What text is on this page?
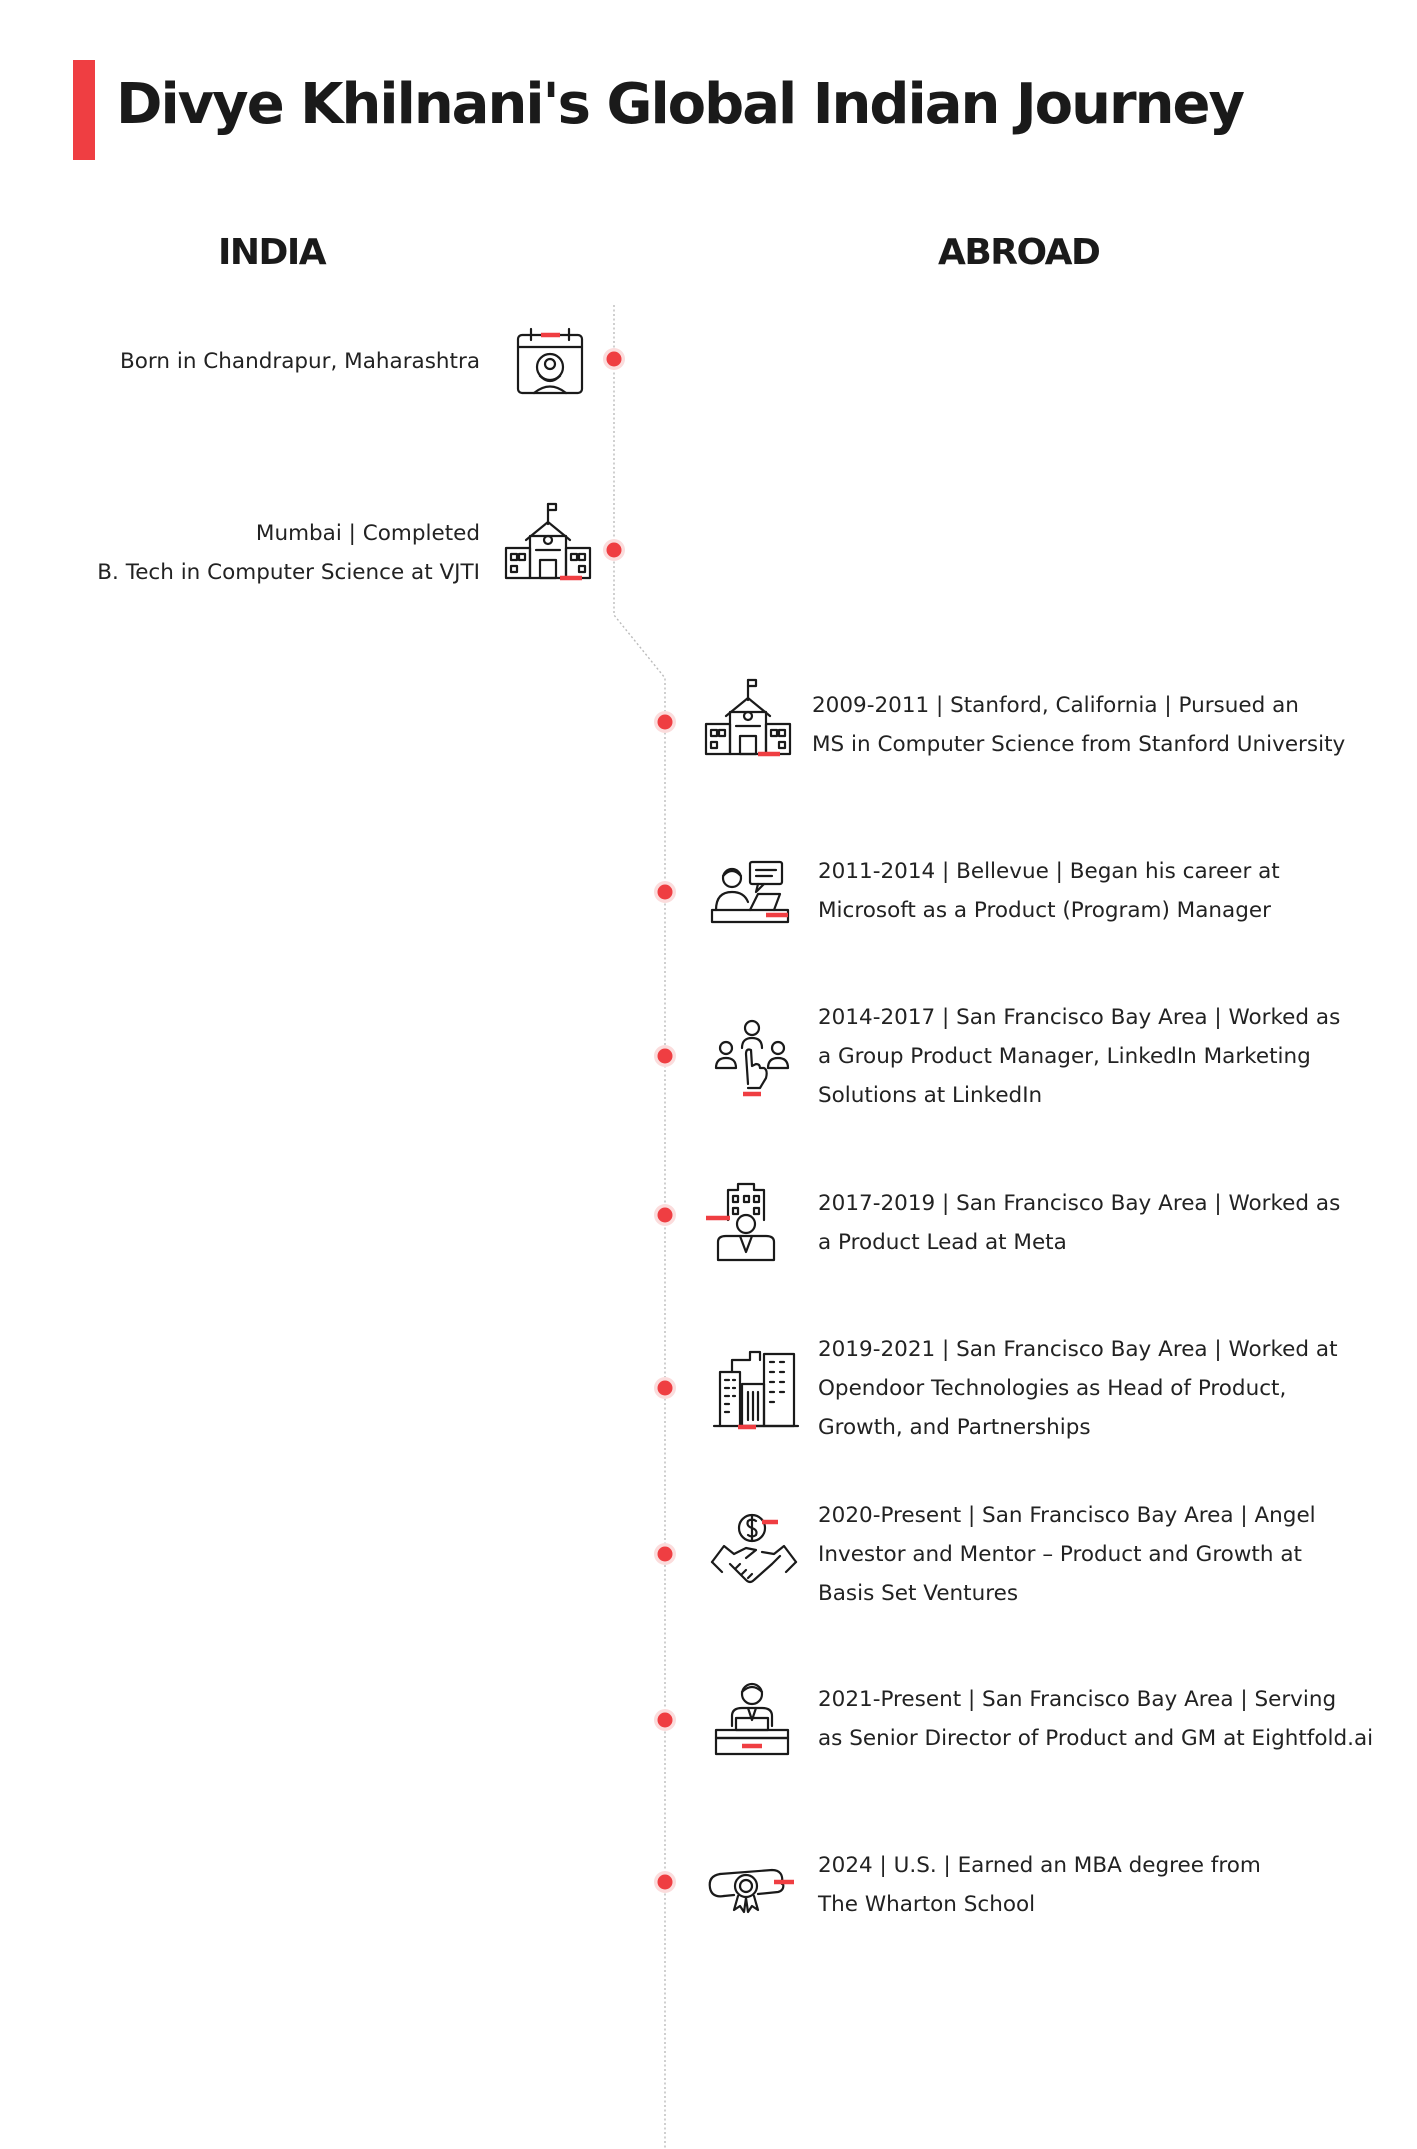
Divye Khilnani's Global Indian Journey
INDIA	ABROAD
Born in Chandrapur, Maharashtra
Mumbai | Completed
B. Tech in Computer Science at VJTI
2009-2011 | Stanford, California | Pursued an
MS in Computer Science from Stanford University
2011-2014 | Bellevue | Began his career at
Microsoft as a Product (Program) Manager
2014-2017 | San Francisco Bay Area | Worked as
a Group Product Manager, LinkedIn Marketing
Solutions at LinkedIn
2017-2019 | San Francisco Bay Area | Worked as
a Product Lead at Meta
2019-2021 | San Francisco Bay Area | Worked at
Opendoor Technologies as Head of Product,
Growth, and Partnerships
2020-Present | San Francisco Bay Area | Angel
Investor and Mentor – Product and Growth at
Basis Set Ventures
2021-Present | San Francisco Bay Area | Serving
as Senior Director of Product and GM at Eightfold.ai
2024 | U.S. | Earned an MBA degree from
The Wharton School
